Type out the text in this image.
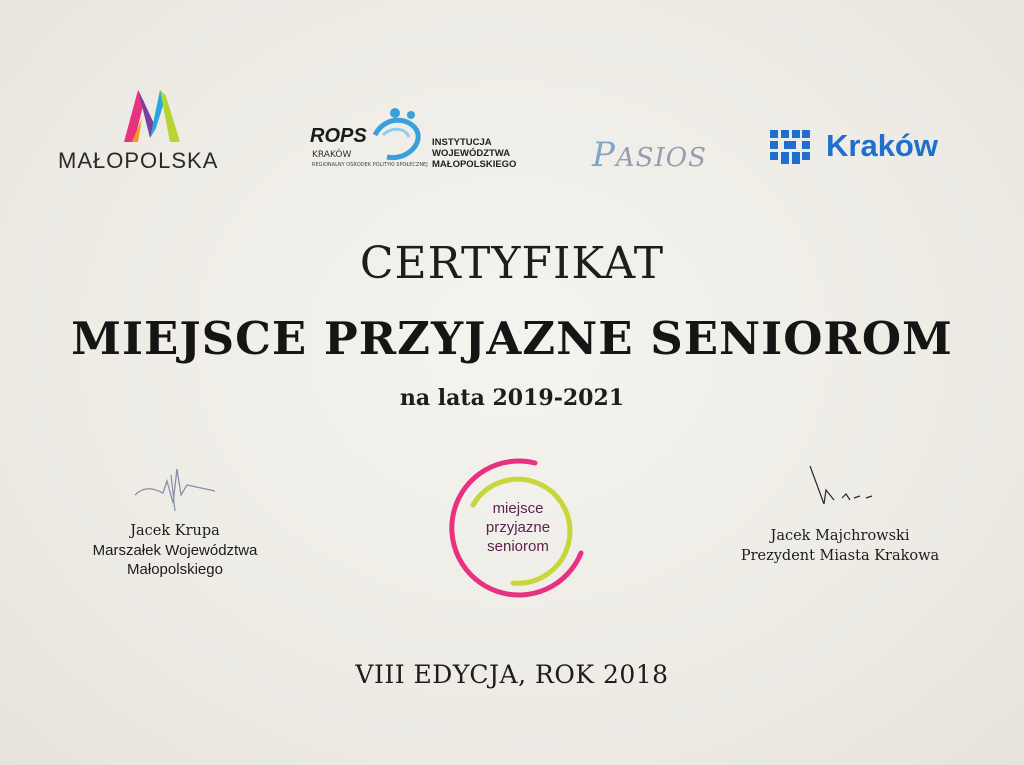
MAŁOPOLSKA
ROPS
KRAKÓW
REGIONALNY OŚRODEK POLITYKI SPOŁECZNEJ
INSTYTUCJA
WOJEWÓDZTWA
MAŁOPOLSKIEGO PASIOS	Kraków
CERTYFIKAT
MIEJSCE PRZYJAZNE SENIOROM
na lata 2019-2021
Jacek Krupa
Marszałek Województwa
Małopolskiego
miejsce
przyjazne
seniorom
Jacek Majchrowski
Prezydent Miasta Krakowa
VIII EDYCJA, ROK 2018
